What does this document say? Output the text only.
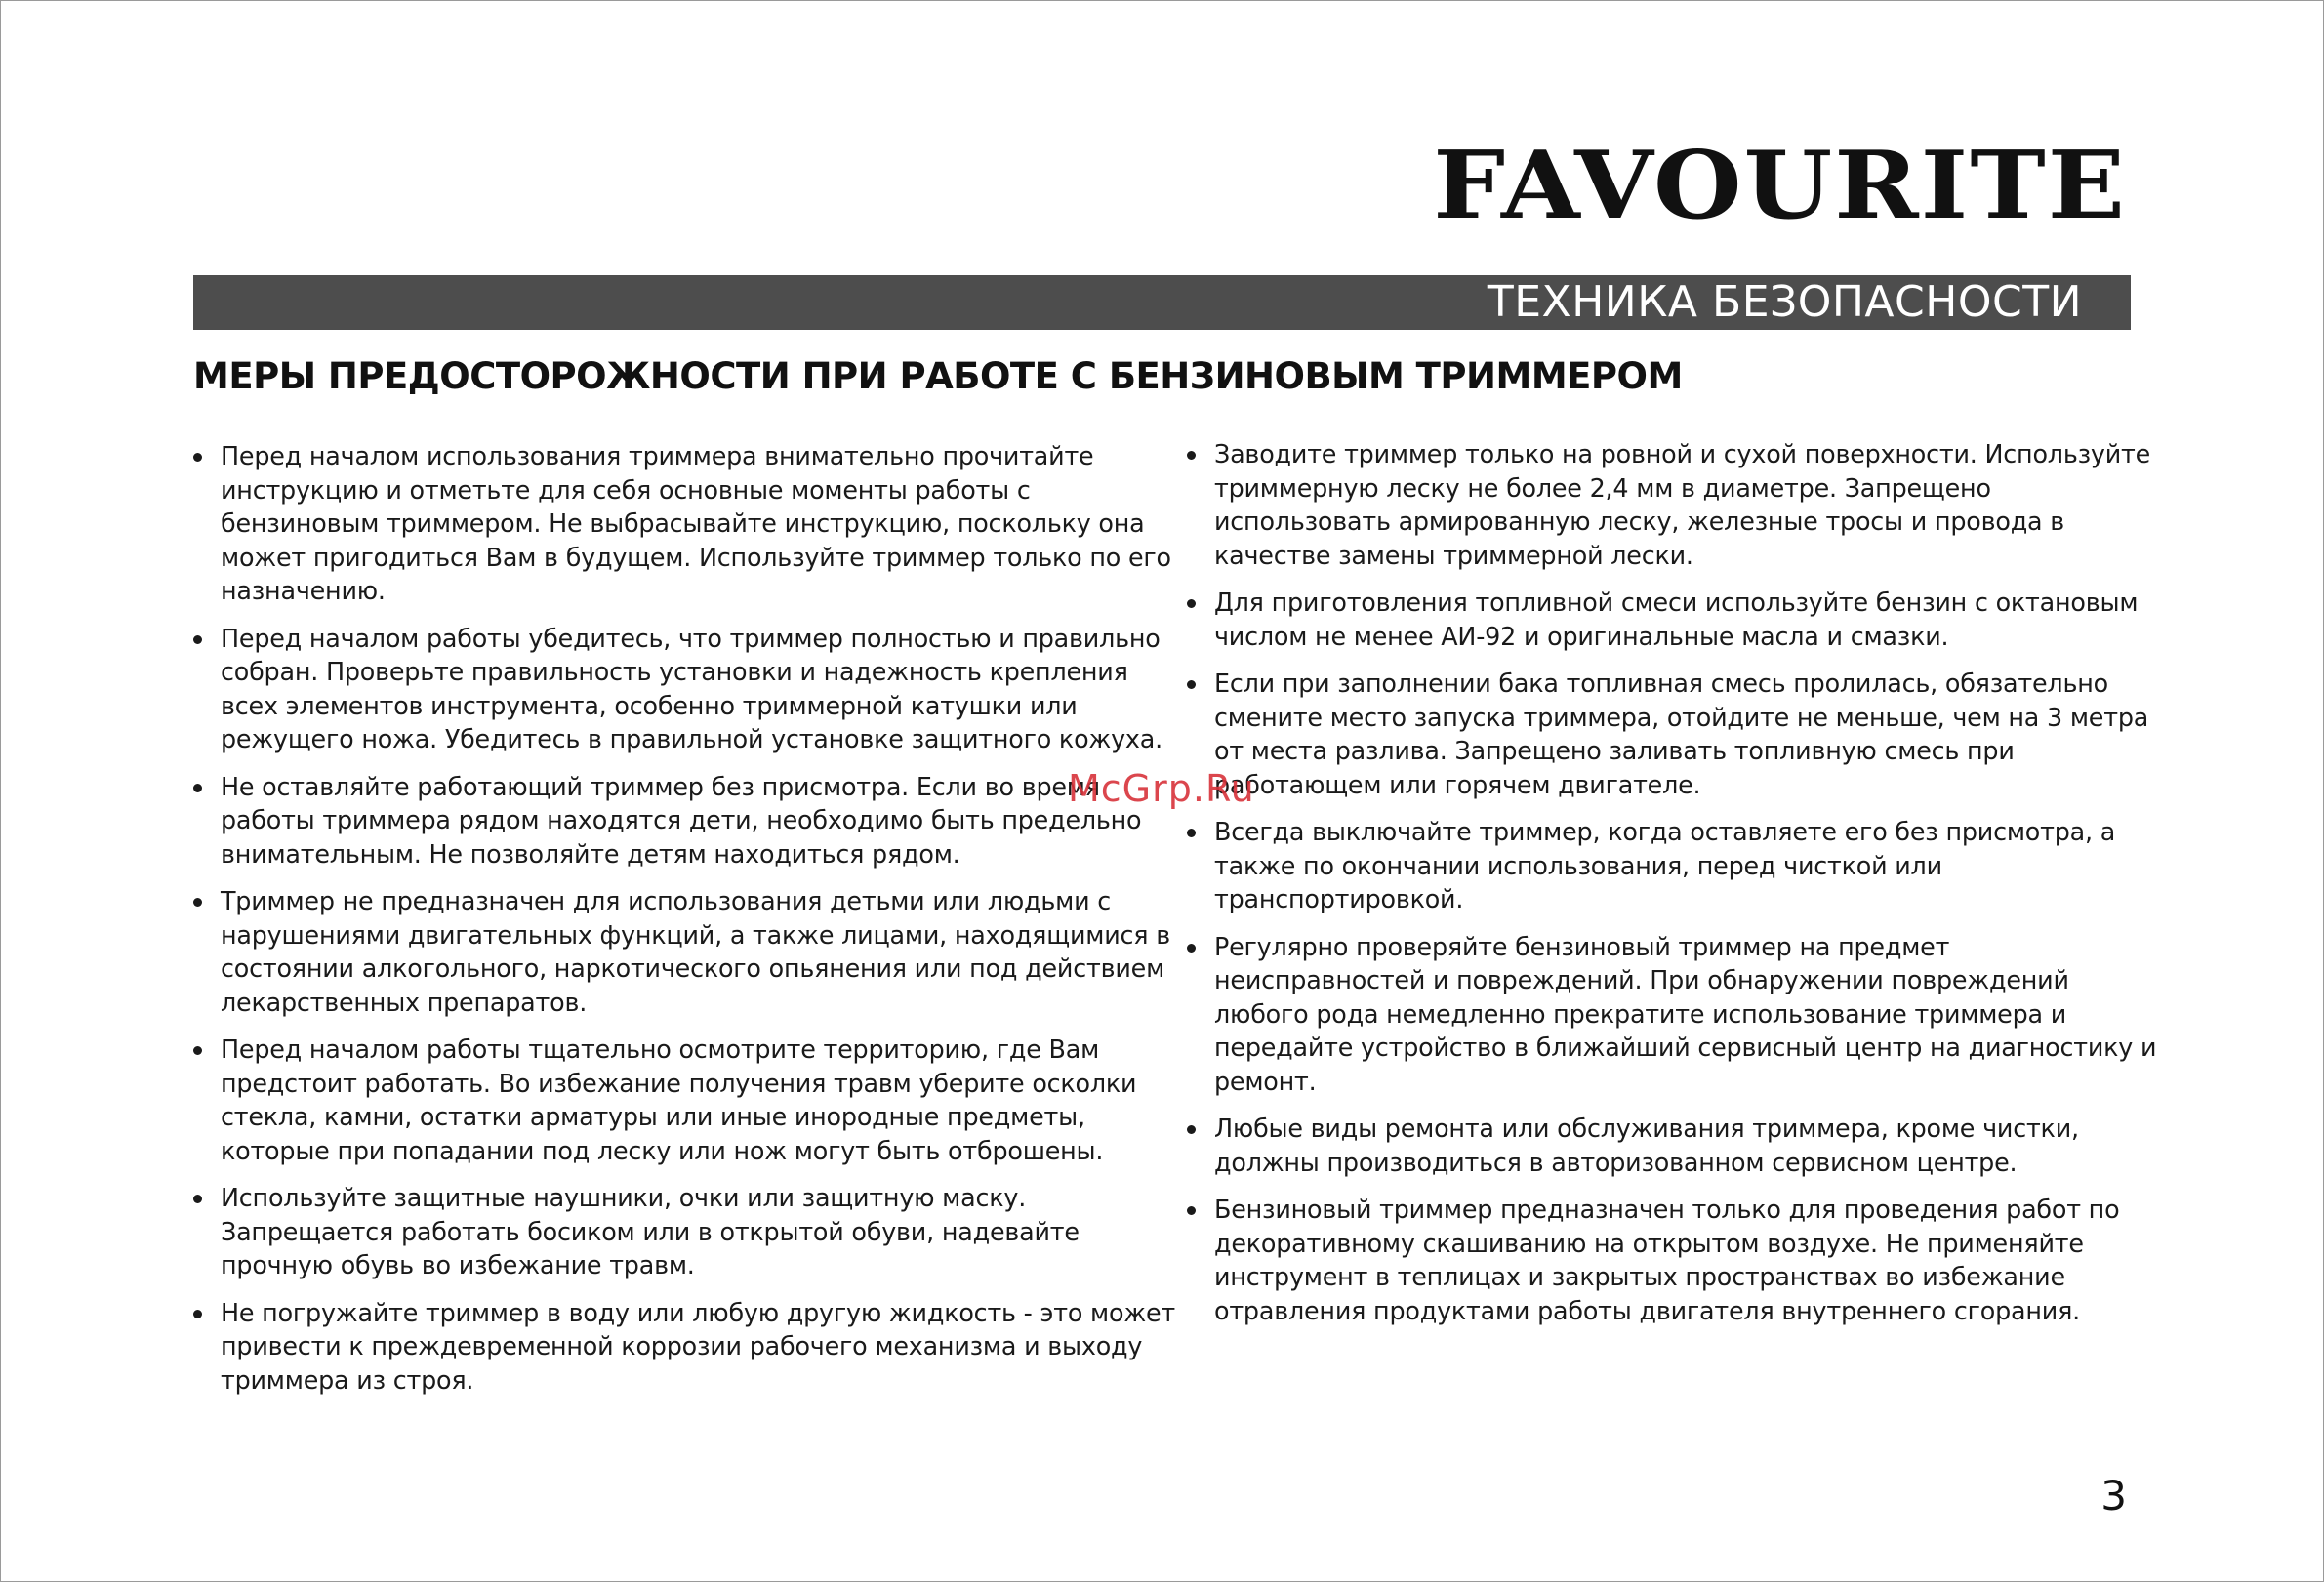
FAVOURITE
ТЕХНИКА БЕЗОПАСНОСТИ
МЕРЫ ПРЕДОСТОРОЖНОСТИ ПРИ РАБОТЕ С БЕНЗИНОВЫМ ТРИММЕРОМ
Перед началом использования триммера внимательно прочитайте инструкцию и отметьте для себя основные моменты работы с бензиновым триммером. Не выбрасывайте инструкцию, поскольку она может пригодиться Вам в будущем. Используйте триммер только по его назначению.
Перед началом работы убедитесь, что триммер полностью и правильно собран. Проверьте правильность установки и надежность крепления всех элементов инструмента, особенно триммерной катушки или режущего ножа. Убедитесь в правильной установке защитного кожуха.
Не оставляйте работающий триммер без присмотра. Если во время работы триммера рядом находятся дети, необходимо быть предельно внимательным. Не позволяйте детям находиться рядом.
Триммер не предназначен для использования детьми или людьми с нарушениями двигательных функций, а также лицами, находящимися в состоянии алкогольного, наркотического опьянения или под действием лекарственных препаратов.
Перед началом работы тщательно осмотрите территорию, где Вам предстоит работать. Во избежание получения травм уберите осколки стекла, камни, остатки арматуры или иные инородные предметы, которые при попадании под леску или нож могут быть отброшены.
Используйте защитные наушники, очки или защитную маску. Запрещается работать босиком или в открытой обуви, надевайте прочную обувь во избежание травм.
Не погружайте триммер в воду или любую другую жидкость - это может привести к преждевременной коррозии рабочего механизма и выходу триммера из строя.
Заводите триммер только на ровной и сухой поверхности. Используйте триммерную леску не более 2,4 мм в диаметре. Запрещено использовать армированную леску, железные тросы и провода в качестве замены триммерной лески.
Для приготовления топливной смеси используйте бензин с октановым числом не менее АИ-92 и оригинальные масла и смазки.
Если при заполнении бака топливная смесь пролилась, обязательно смените место запуска триммера, отойдите не меньше, чем на 3 метра от места разлива. Запрещено заливать топливную смесь при работающем или горячем двигателе.
Всегда выключайте триммер, когда оставляете его без присмотра, а также по окончании использования, перед чисткой или транспортировкой.
Регулярно проверяйте бензиновый триммер на предмет неисправностей и повреждений. При обнаружении повреждений любого рода немедленно прекратите использование триммера и передайте устройство в ближайший сервисный центр на диагностику и ремонт.
Любые виды ремонта или обслуживания триммера, кроме чистки, должны производиться в авторизованном сервисном центре.
Бензиновый триммер предназначен только для проведения работ по декоративному скашиванию на открытом воздухе. Не применяйте инструмент в теплицах и закрытых пространствах во избежание отравления продуктами работы двигателя внутреннего сгорания.
McGrp.Ru
3
